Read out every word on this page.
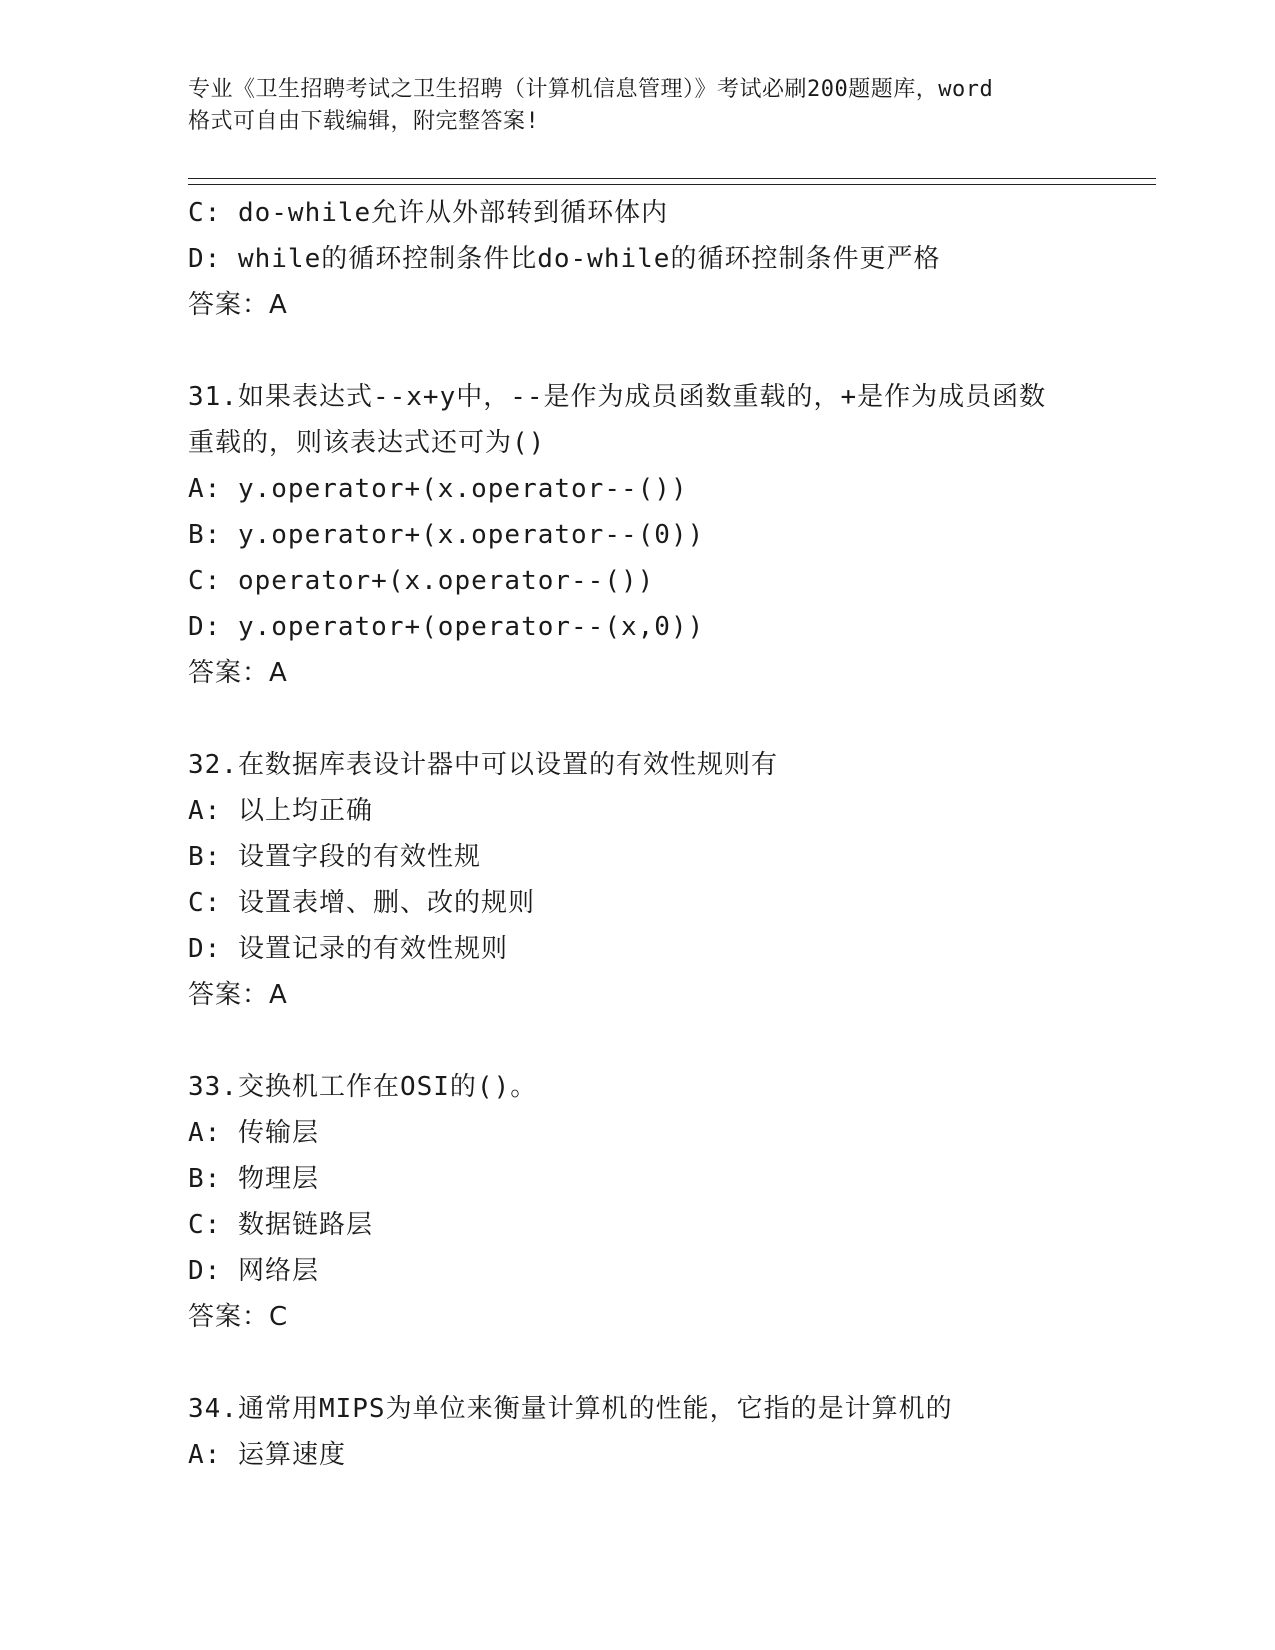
专业《卫生招聘考试之卫生招聘（计算机信息管理）》考试必刷200题题库，word
格式可自由下载编辑，附完整答案!
C: do-while允许从外部转到循环体内
D: while的循环控制条件比do-while的循环控制条件更严格
答案：A
31.如果表达式--x+y中，--是作为成员函数重载的，+是作为成员函数
重载的，则该表达式还可为()
A: y.operator+(x.operator--())
B: y.operator+(x.operator--(0))
C: operator+(x.operator--())
D: y.operator+(operator--(x,0))
答案：A
32.在数据库表设计器中可以设置的有效性规则有
A: 以上均正确
B: 设置字段的有效性规
C: 设置表增、删、改的规则
D: 设置记录的有效性规则
答案：A
33.交换机工作在OSI的()。
A: 传输层
B: 物理层
C: 数据链路层
D: 网络层
答案：C
34.通常用MIPS为单位来衡量计算机的性能，它指的是计算机的
A: 运算速度
